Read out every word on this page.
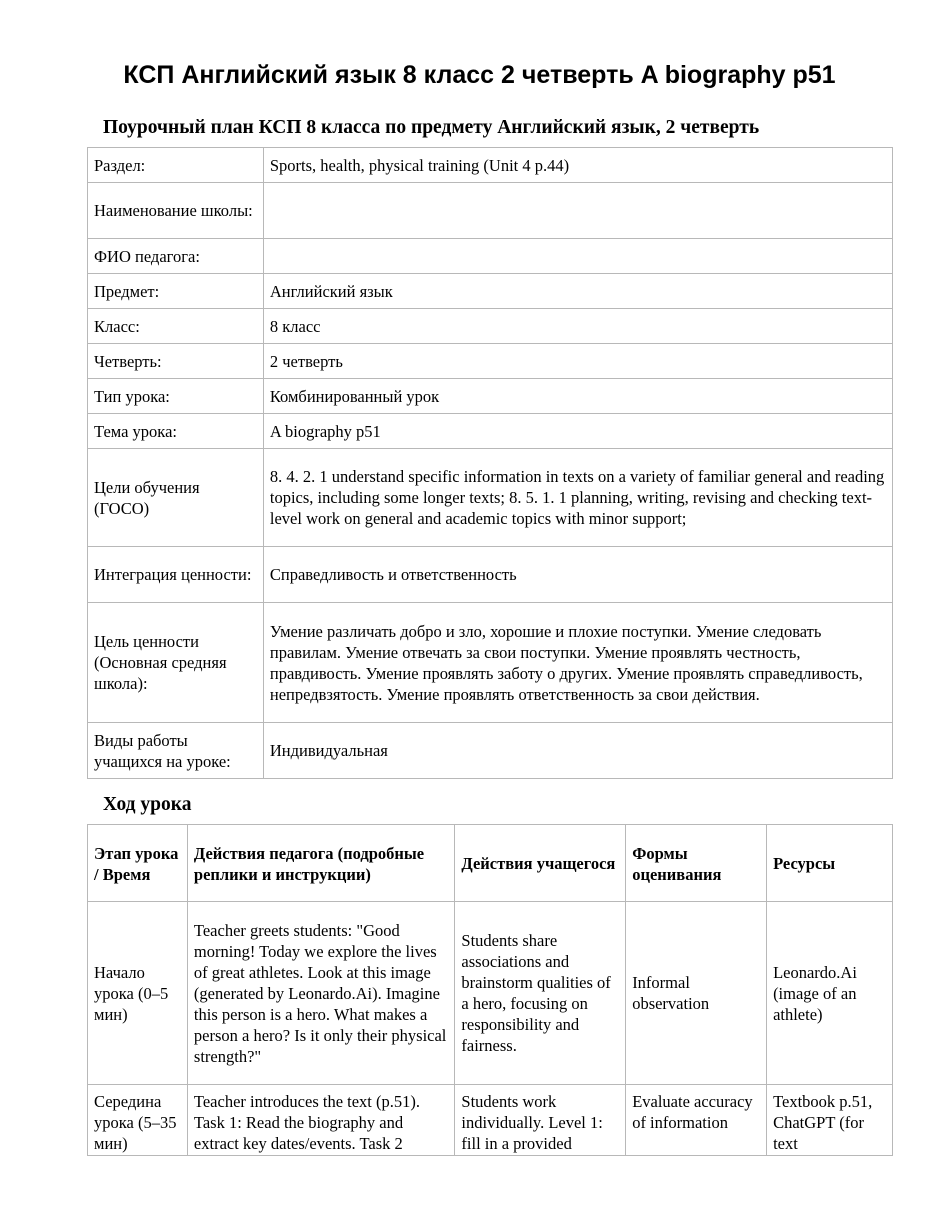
КСП Английский язык 8 класс 2 четверть A biography p51
Поурочный план КСП 8 класса по предмету Английский язык, 2 четверть
Раздел:	Sports, health, physical training (Unit 4 p.44)
Наименование школы:	
ФИО педагога:	
Предмет:	Английский язык
Класс:	8 класс
Четверть:	2 четверть
Тип урока:	Комбинированный урок
Тема урока:	A biography p51
Цели обучения (ГОСО)	8. 4. 2. 1 understand specific information in texts on a variety of familiar general and reading topics, including some longer texts; 8. 5. 1. 1 planning, writing, revising and checking text-level work on general and academic topics with minor support;
Интеграция ценности:	Справедливость и ответственность
Цель ценности (Основная средняя школа):	Умение различать добро и зло, хорошие и плохие поступки. Умение следовать правилам. Умение отвечать за свои поступки. Умение проявлять честность, правдивость. Умение проявлять заботу о других. Умение проявлять справедливость, непредвзятость. Умение проявлять ответственность за свои действия.
Виды работы учащихся на уроке:	Индивидуальная
Ход урока
Этап урока / Время	Действия педагога (подробные реплики и инструкции)	Действия учащегося	Формы оценивания	Ресурсы
Начало урока (0–5 мин)	Teacher greets students: "Good morning! Today we explore the lives of great athletes. Look at this image (generated by Leonardo.Ai). Imagine this person is a hero. What makes a person a hero? Is it only their physical strength?"	Students share associations and brainstorm qualities of a hero, focusing on responsibility and fairness.	Informal observation	Leonardo.Ai (image of an athlete)

Середина урока (5–35 мин)	Teacher introduces the text (p.51). Task 1: Read the biography and extract key dates/events. Task 2	Students work individually. Level 1: fill in a provided	Evaluate accuracy of information	Textbook p.51, ChatGPT (for text
